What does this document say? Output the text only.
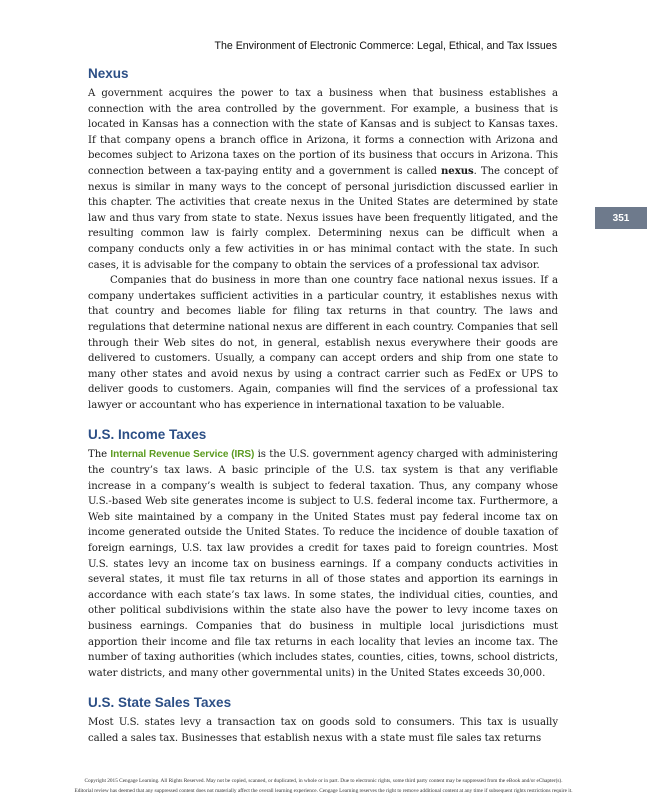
The Environment of Electronic Commerce: Legal, Ethical, and Tax Issues
351
Nexus

A government acquires the power to tax a business when that business establishes a connection with the area controlled by the government. For example, a business that is located in Kansas has a connection with the state of Kansas and is subject to Kansas taxes. If that company opens a branch office in Arizona, it forms a connection with Arizona and becomes subject to Arizona taxes on the portion of its business that occurs in Arizona. This connection between a tax-paying entity and a government is called nexus. The concept of nexus is similar in many ways to the concept of personal jurisdiction discussed earlier in this chapter. The activities that create nexus in the United States are determined by state law and thus vary from state to state. Nexus issues have been frequently litigated, and the resulting common law is fairly complex. Determining nexus can be difficult when a company conducts only a few activities in or has minimal contact with the state. In such cases, it is advisable for the company to obtain the services of a professional tax advisor.

Companies that do business in more than one country face national nexus issues. If a company undertakes sufficient activities in a particular country, it establishes nexus with that country and becomes liable for filing tax returns in that country. The laws and regulations that determine national nexus are different in each country. Companies that sell through their Web sites do not, in general, establish nexus everywhere their goods are delivered to customers. Usually, a company can accept orders and ship from one state to many other states and avoid nexus by using a contract carrier such as FedEx or UPS to deliver goods to customers. Again, companies will find the services of a professional tax lawyer or accountant who has experience in international taxation to be valuable.

U.S. Income Taxes

The Internal Revenue Service (IRS) is the U.S. government agency charged with administering the country’s tax laws. A basic principle of the U.S. tax system is that any verifiable increase in a company’s wealth is subject to federal taxation. Thus, any company whose U.S.-based Web site generates income is subject to U.S. federal income tax. Furthermore, a Web site maintained by a company in the United States must pay federal income tax on income generated outside the United States. To reduce the incidence of double taxation of foreign earnings, U.S. tax law provides a credit for taxes paid to foreign countries. Most U.S. states levy an income tax on business earnings. If a company conducts activities in several states, it must file tax returns in all of those states and apportion its earnings in accordance with each state’s tax laws. In some states, the individual cities, counties, and other political subdivisions within the state also have the power to levy income taxes on business earnings. Companies that do business in multiple local jurisdictions must apportion their income and file tax returns in each locality that levies an income tax. The number of taxing authorities (which includes states, counties, cities, towns, school districts, water districts, and many other governmental units) in the United States exceeds 30,000.

U.S. State Sales Taxes

Most U.S. states levy a transaction tax on goods sold to consumers. This tax is usually called a sales tax. Businesses that establish nexus with a state must file sales tax returns

Copyright 2015 Cengage Learning. All Rights Reserved. May not be copied, scanned, or duplicated, in whole or in part. Due to electronic rights, some third party content may be suppressed from the eBook and/or eChapter(s).
Editorial review has deemed that any suppressed content does not materially affect the overall learning experience. Cengage Learning reserves the right to remove additional content at any time if subsequent rights restrictions require it.
